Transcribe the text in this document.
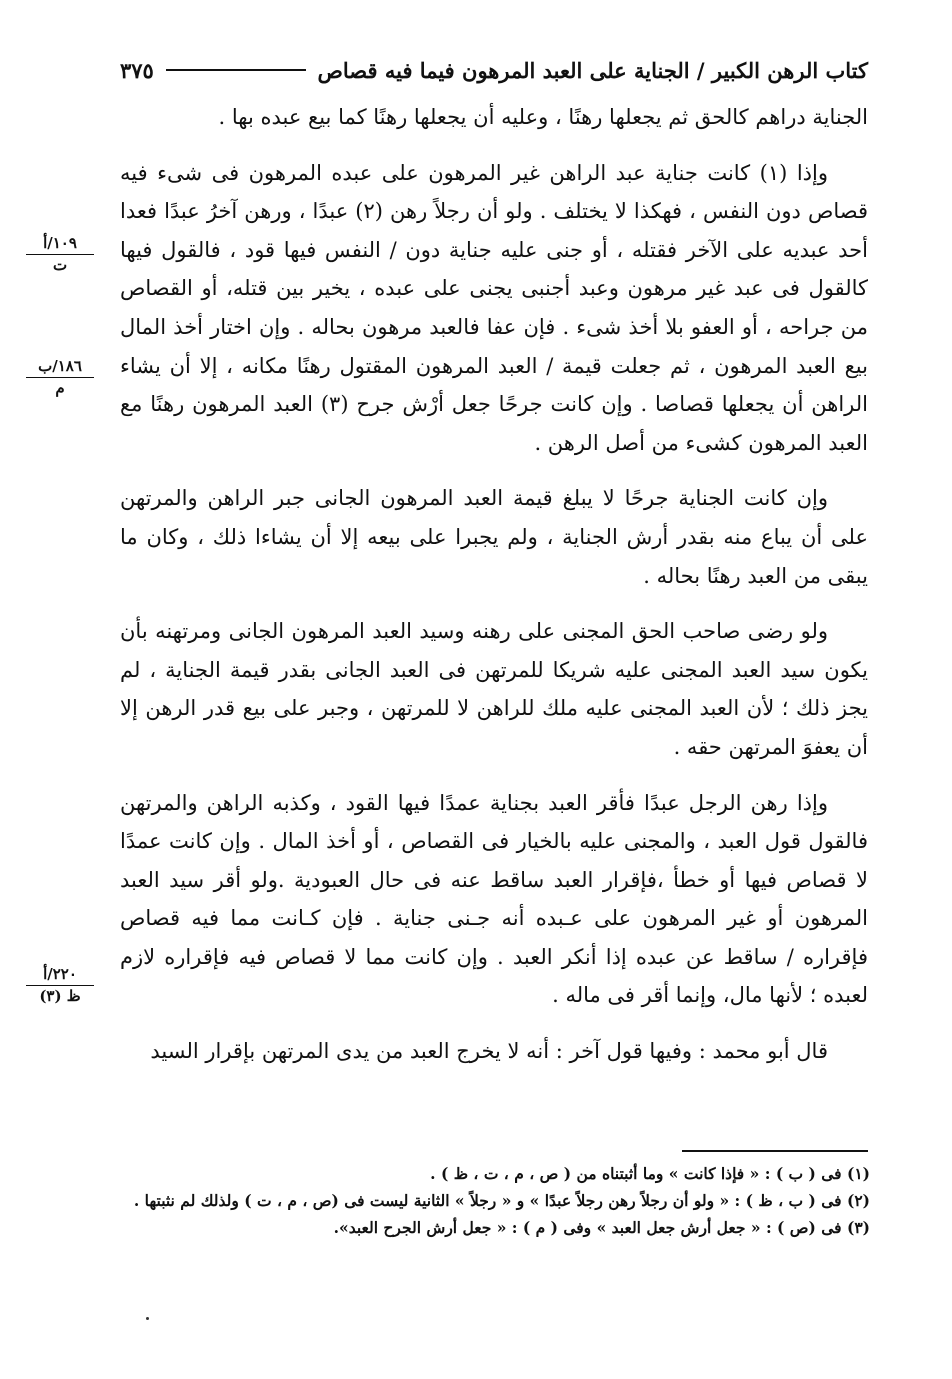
كتاب الرهن الكبير / الجناية على العبد المرهون فيما فيه قصاص
٣٧٥

الجناية دراهم كالحق ثم يجعلها رهنًا ، وعليه أن يجعلها رهنًا كما بيع عبده بها .

وإذا (١) كانت جناية عبد الراهن غير المرهون على عبده المرهون فى شىء فيه قصاص دون النفس ، فهكذا لا يختلف . ولو أن رجلاً رهن (٢) عبدًا ، ورهن آخرُ عبدًا فعدا أحد عبديه على الآخر فقتله ، أو جنى عليه جناية دون / النفس فيها قود ، فالقول فيها كالقول فى عبد غير مرهون وعبد أجنبى يجنى على عبده ، يخير بين قتله، أو القصاص من جراحه ، أو العفو بلا أخذ شىء . فإن عفا فالعبد مرهون بحاله . وإن اختار أخذ المال بيع العبد المرهون ، ثم جعلت قيمة / العبد المرهون المقتول رهنًا مكانه ، إلا أن يشاء الراهن أن يجعلها قصاصا . وإن كانت جرحًا جعل أرْش جرح (٣) العبد المرهون رهنًا مع العبد المرهون كشىء من أصل الرهن .

وإن كانت الجناية جرحًا لا يبلغ قيمة العبد المرهون الجانى جبر الراهن والمرتهن على أن يباع منه بقدر أرش الجناية ، ولم يجبرا على بيعه إلا أن يشاءا ذلك ، وكان ما يبقى من العبد رهنًا بحاله .

ولو رضى صاحب الحق المجنى على رهنه وسيد العبد المرهون الجانى ومرتهنه بأن يكون سيد العبد المجنى عليه شريكا للمرتهن فى العبد الجانى بقدر قيمة الجناية ، لم يجز ذلك ؛ لأن العبد المجنى عليه ملك للراهن لا للمرتهن ، وجبر على بيع قدر الرهن إلا أن يعفوَ المرتهن حقه .

وإذا رهن الرجل عبدًا فأقر العبد بجناية عمدًا فيها القود ، وكذبه الراهن والمرتهن فالقول قول العبد ، والمجنى عليه بالخيار فى القصاص ، أو أخذ المال . وإن كانت عمدًا لا قصاص فيها أو خطأ ،فإقرار العبد ساقط عنه فى حال العبودية .ولو أقر سيد العبد المرهون أو غير المرهون على عـبده أنه جـنى جناية . فإن كـانت مما فيه قصاص فإقراره / ساقط عن عبده إذا أنكر العبد . وإن كانت مما لا قصاص فيه فإقراره لازم لعبده ؛ لأنها مال، وإنما أقر فى ماله .

قال أبو محمد : وفيها قول آخر : أنه لا يخرج العبد من يدى المرتهن بإقرار السيد

١٠٩/أ
ت
١٨٦/ب
م
٢٢٠/أ
ظ (٣)
(١) فى ( ب ) : « فإذا كانت » وما أثبتناه من ( ص ، م ، ت ، ظ ) .
(٢) فى ( ب ، ظ ) : « ولو أن رجلاً رهن رجلاً عبدًا » و « رجلاً » الثانية ليست فى (ص ، م ، ت ) ولذلك لم نثبتها .
(٣) فى (ص ) : « جعل أرش جعل العبد » وفى ( م ) : « جعل أرش الجرح العبد».
